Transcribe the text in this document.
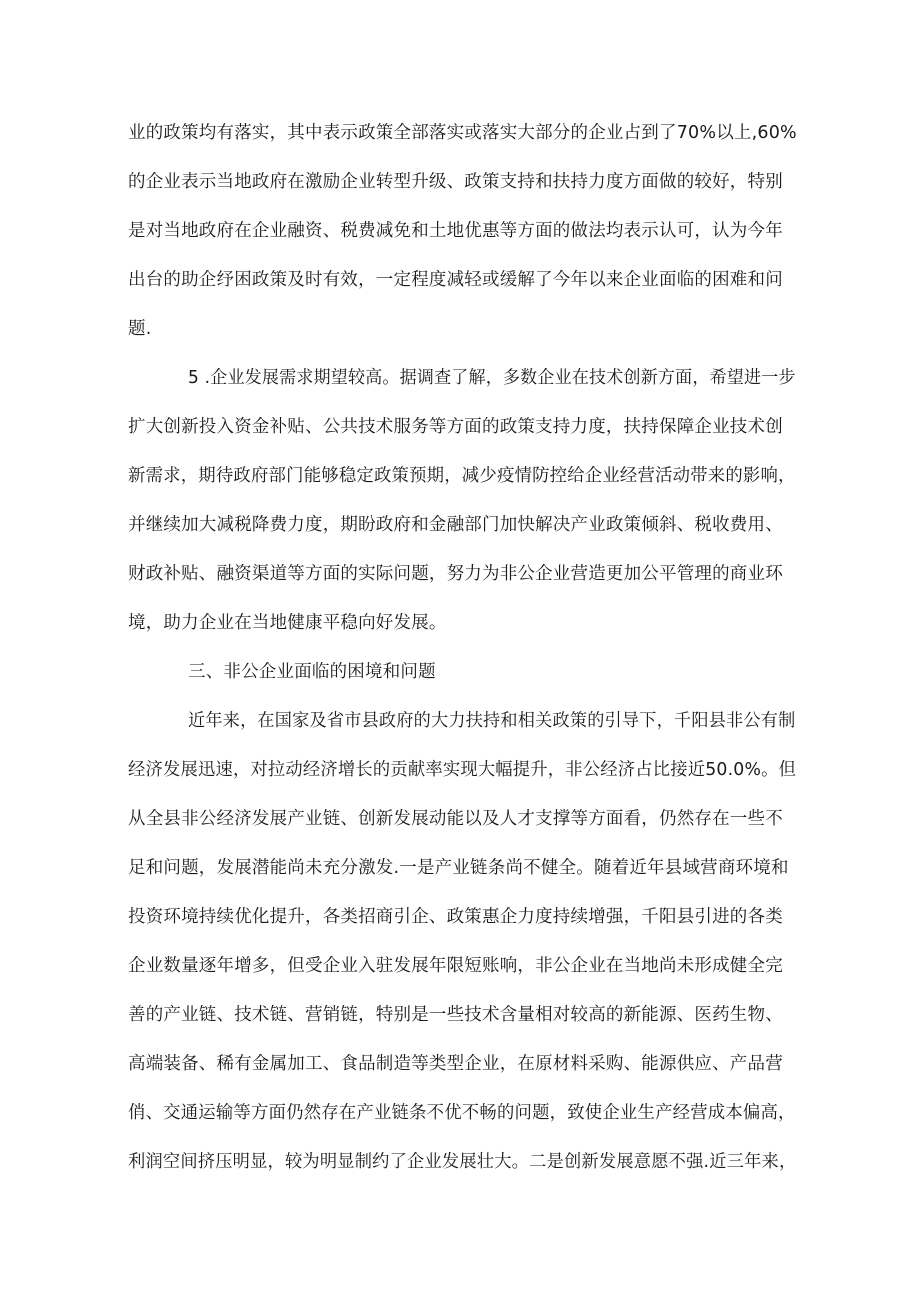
业的政策均有落实，其中表示政策全部落实或落实大部分的企业占到了70%以上,60%
的企业表示当地政府在激励企业转型升级、政策支持和扶持力度方面做的较好，特别
是对当地政府在企业融资、税费减免和土地优惠等方面的做法均表示认可，认为今年
出台的助企纾困政策及时有效，一定程度减轻或缓解了今年以来企业面临的困难和问
题.
5 .企业发展需求期望较高。据调查了解，多数企业在技术创新方面，希望进一步
扩大创新投入资金补贴、公共技术服务等方面的政策支持力度，扶持保障企业技术创
新需求，期待政府部门能够稳定政策预期，减少疫情防控给企业经营活动带来的影响，
并继续加大减税降费力度，期盼政府和金融部门加快解决产业政策倾斜、税收费用、
财政补贴、融资渠道等方面的实际问题，努力为非公企业营造更加公平管理的商业环
境，助力企业在当地健康平稳向好发展。
三、非公企业面临的困境和问题
近年来，在国家及省市县政府的大力扶持和相关政策的引导下，千阳县非公有制
经济发展迅速，对拉动经济增长的贡献率实现大幅提升，非公经济占比接近50.0%。但
从全县非公经济发展产业链、创新发展动能以及人才支撑等方面看，仍然存在一些不
足和问题，发展潜能尚未充分激发.一是产业链条尚不健全。随着近年县域营商环境和
投资环境持续优化提升，各类招商引企、政策惠企力度持续增强，千阳县引进的各类
企业数量逐年增多，但受企业入驻发展年限短账响，非公企业在当地尚未形成健全完
善的产业链、技术链、营销链，特别是一些技术含量相对较高的新能源、医药生物、
高端装备、稀有金属加工、食品制造等类型企业，在原材料采购、能源供应、产品营
俏、交通运输等方面仍然存在产业链条不优不畅的问题，致使企业生产经营成本偏高，
利润空间挤压明显，较为明显制约了企业发展壮大。二是创新发展意愿不强.近三年来，
